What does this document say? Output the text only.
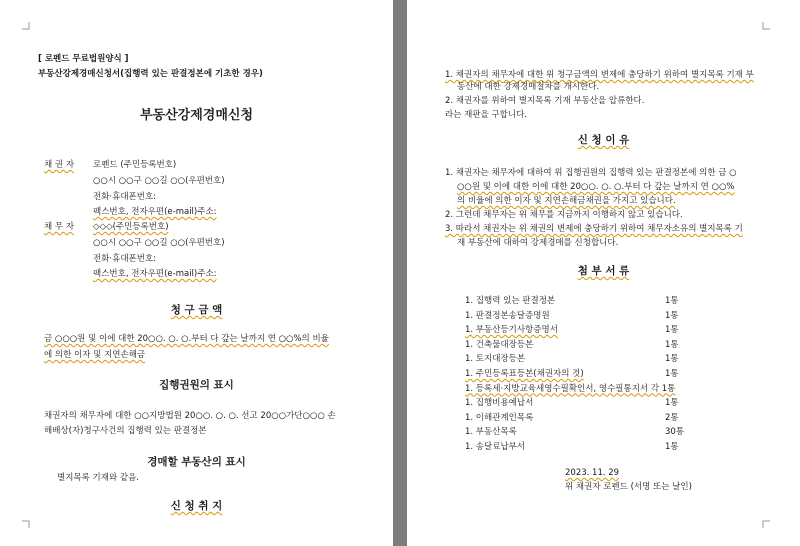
[ 로펜드 무료법원양식 ]
부동산강제경매신청서(집행력 있는 판결정본에 기초한 경우)
부동산강제경매신청
채 권 자 로펜드 (주민등록번호)
○○시 ○○구 ○○길 ○○(우편번호)
전화·휴대폰번호:
팩스번호, 전자우편(e-mail)주소:
채 무 자 ◇◇◇(주민등록번호)
○○시 ○○구 ○○길 ○○(우편번호)
전화·휴대폰번호:
팩스번호, 전자우편(e-mail)주소:
청 구 금 액
금 ○○○원 및 이에 대한 20○○. ○. ○.부터 다 갚는 날까지 연 ○○%의 비율
에 의한 이자 및 지연손해금
집행권원의 표시
채권자의 채무자에 대한 ○○지방법원 20○○. ○. ○. 선고 20○○가단○○○ 손
해배상(자)청구사건의 집행력 있는 판결정본
경매할 부동산의 표시
별지목록 기재와 같음.
신 청 취 지
1. 채권자의 채무자에 대한 위 청구금액의 변제에 충당하기 위하여 별지목록 기재 부
동산에 대한 강제경매절차를 개시한다.
2. 채권자를 위하여 별지목록 기재 부동산을 압류한다.
라는 재판을 구합니다.
신 청 이 유
1. 채권자는 채무자에 대하여 위 집행권원의 집행력 있는 판결정본에 의한 금 ○
○○원 및 이에 대한 이에 대한 20○○. ○. ○.부터 다 갚는 날까지 연 ○○%
의 비율에 의한 이자 및 지연손해금채권을 가지고 있습니다.
2. 그런데 채무자는 위 채무를 지금까지 이행하지 않고 있습니다.
3. 따라서 채권자는 위 채권의 변제에 충당하기 위하여 채무자소유의 별지목록 기
재 부동산에 대하여 강제경매를 신청합니다.
첨 부 서 류
1. 집행력 있는 판결정본	1통
1. 판결정본송달증명원	1통
1. 부동산등기사항증명서	1통
1. 건축물대장등본	1통
1. 토지대장등본	1통
1. 주민등록표등본(채권자의 것)	1통
1. 등록세·지방교육세영수필확인서, 영수필통지서 각 1통
1. 집행비용예납서	1통
1. 이해관계인목록	2통
1. 부동산목록	30통
1. 송달료납부서	1통
2023. 11. 29
위 채권자 로펜드 (서명 또는 날인)
